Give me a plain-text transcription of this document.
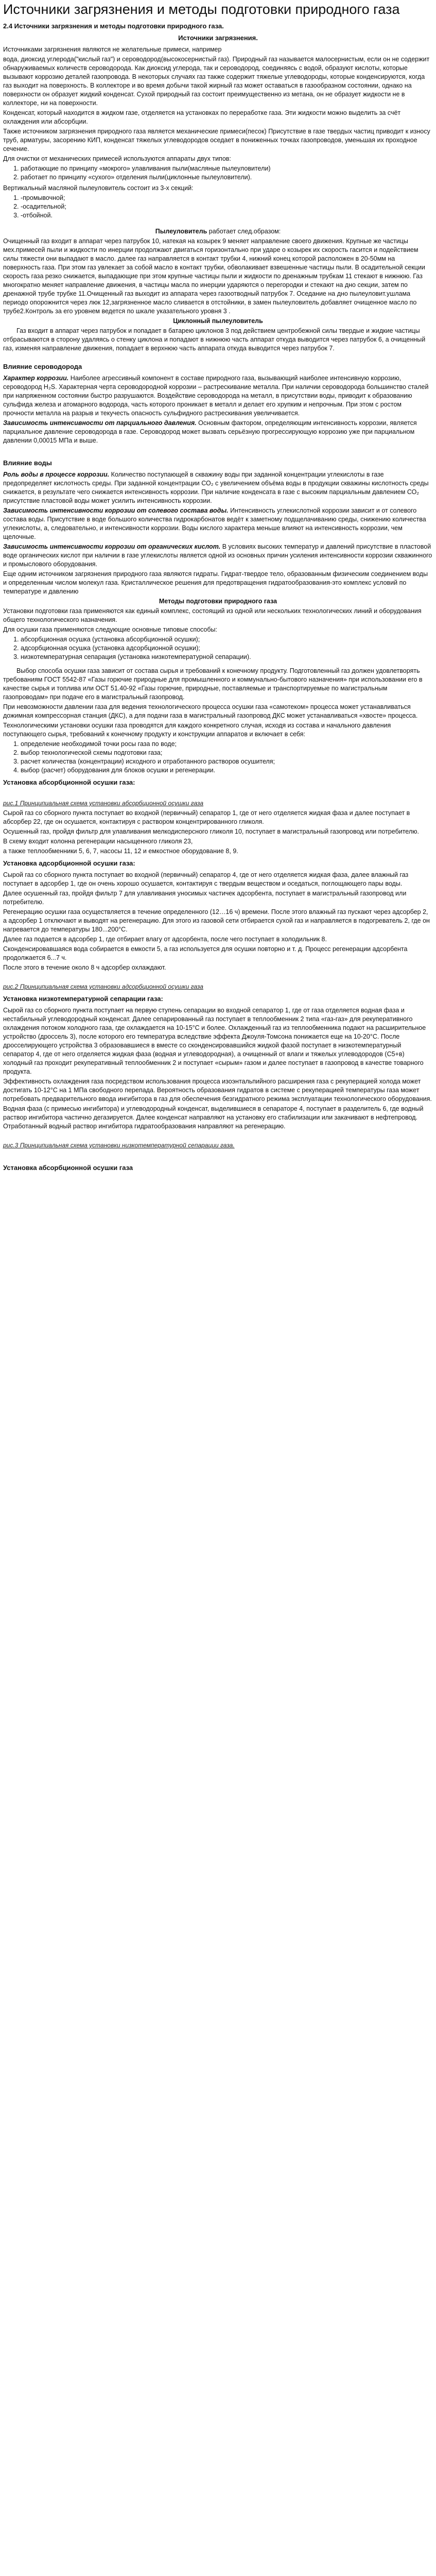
Источники загрязнения и методы подготовки природного газа
2.4 Источники загрязнения и методы подготовки природного газа.
Источники загрязнения.

Источниками загрязнения являются не желательные примеси, например

вода, диоксид углерода("кислый газ") и сероводород(высокосернистый газ). Природный газ называется малосернистым, если он не содержит обнаруживаемых количеств сероводорода. Как диоксид углерода, так и сероводород, соединяясь с водой, образуют кислоты, которые вызывают коррозию деталей газопровода. В некоторых случаях газ также содержит тяжелые углеводороды, которые конденсируются, когда газ выходит на поверхность. В коллекторе и во время добычи такой жирный газ может оставаться в газообразном состоянии, однако на поверхности он образует жидкий конденсат. Сухой природный газ состоит преимущественно из метана, он не образует жидкости не в коллекторе, ни на поверхности.

Конденсат, который находится в жидком газе, отделяется на установках по переработке газа. Эти жидкости можно выделить за счёт охлаждения или абсорбции.

Также источником загрязнения природного газа является механические примеси(песок) Присутствие в газе твердых частиц приводит к износу труб, арматуры, засорению КИП, конденсат тяжелых углеводородов оседает в пониженных точках газопроводов, уменьшая их проходное сечение.

Для очистки от механических примесей используются аппараты двух типов:

1. работающие по принципу «мокрого» улавливания пыли(масляные пылеуловители)
2. работает по принципу «сухого» отделения пыли(циклонные пылеуловители).

Вертикальный масляной пылеуловитель состоит из 3-х секций:

1. -промывочной;
2. -осадительной;
3. -отбойной.

Пылеуловитель работает след.образом:

Очищенный газ входит в аппарат через патрубок 10, натекая на козырек 9 меняет направление своего движения. Крупные же частицы мех.примесей пыли и жидкости по инерции продолжают двигаться горизонтально при ударе о козырек их скорость гасится и подействием силы тяжести они выпадают в масло. далее газ направляется в контакт трубки 4, нижний конец которой расположен в 20-50мм на поверхность газа. При этом газ увлекает за собой масло в контакт трубки, обволакивает взвешенные частицы пыли. В осадительной секции скорость газа резко снижается, выпадающие при этом крупные частицы пыли и жидкости по дренажным трубкам 11 стекают в нижнюю. Газ многократно меняет направление движения, в частицы масла по инерции ударяются о перегородки и стекают на дно секции, затем по дренажной трубе трубке 11.Очищенный газ выходит из аппарата через газоотводный патрубок 7. Оседание на дно пылеуловит.ушлама периодо опорожнится через люк 12,загрязненное масло сливается в отстойники, в замен пылеуловитель добавляет очищенное масло по трубе2.Контроль за его уровнем ведется по шкале указательного уровня 3 .

Циклонный пылеуловитель

Газ входит в аппарат через патрубок и попадает в батарею циклонов 3 под действием центробежной силы твердые и жидкие частицы отбрасываются в сторону удаляясь о стенку циклона и попадают в нижнюю часть аппарат откуда выводится через патрубок 6, а очищенный газ, изменяя направление движения, попадает в верхнюю часть аппарата откуда выводится через патрубок 7.

Влияние сероводорода

Характер коррозии. Наиболее агрессивный компонент в составе природного газа, вызывающий наиболее интенсивную коррозию, сероводород H₂S. Характерная черта сероводородной коррозии – растрескивание металла. При наличии сероводорода большинство сталей при напряженном состоянии быстро разрушаются. Воздействие сероводорода на металл, в присутствии воды, приводит к образованию сульфида железа и атомарного водорода, часть которого проникает в металл и делает его хрупким и непрочным. При этом с ростом прочности металла на разрыв и текучесть опасность сульфидного растрескивания увеличивается.

Зависимость интенсивности от парциального давления. Основным фактором, определяющим интенсивность коррозии, является парциальное давление сероводорода в газе. Сероводород может вызвать серьёзную прогрессирующую коррозию уже при парциальном давлении 0,00015 МПа и выше.

Влияние воды

Роль воды в процессе коррозии. Количество поступающей в скважину воды при заданной концентрации углекислоты в газе предопределяет кислотность среды. При заданной концентрации СО₂ с увеличением объёма воды в продукции скважины кислотность среды снижается, в результате чего снижается интенсивность коррозии. При наличие конденсата в газе с высоким парциальным давлением СО₂ присутствие пластовой воды может усилить интенсивность коррозии.

Зависимость интенсивности коррозии от солевого состава воды. Интенсивность углекислотной коррозии зависит и от солевого состава воды. Присутствие в воде большого количества гидрокарбонатов ведёт к заметному подщелачиванию среды, снижению количества углекислоты, а, следовательно, и интенсивности коррозии. Воды кислого характера меньше влияют на интенсивность коррозии, чем щелочные.

Зависимость интенсивности коррозии от органических кислот. В условиях высоких температур и давлений присутствие в пластовой воде органических кислот при наличии в газе углекислоты является одной из основных причин усиления интенсивности коррозии скважинного и промыслового оборудования.

Еще одним источником загрязнения природного газа являются гидраты. Гидрат-твердое тело, образованным физическим соединением воды и определенным числом молекул газа. Кристаллическое решения для предотвращения гидратообразования-это комплекс условий по температуре и давлению

Методы подготовки природного газа

Установки подготовки газа применяются как единый комплекс, состоящий из одной или нескольких технологических линий и оборудования общего технологического назначения.

Для осушки газа применяются следующие основные типовые способы:

1. абсорбционная осушка (установка абсорбционной осушки);
2. адсорбционная осушка (установка адсорбционной осушки);
3. низкотемпературная сепарация (установка низкотемпературной сепарации).

Выбор способа осушки газа зависит от состава сырья и требований к конечному продукту. Подготовленный газ должен удовлетворять требованиям ГОСТ 5542-87 «Газы горючие природные для промышленного и коммунально-бытового назначения» при использовании его в качестве сырья и топлива или ОСТ 51.40-92 «Газы горючие, природные, поставляемые и транспортируемые по магистральным газопроводам» при подаче его в магистральный газопровод.

При невозможности давлении газа для ведения технологического процесса осушки газа «самотеком» процесса может устанавливаться дожимная компрессорная станция (ДКС), а для подачи газа в магистральный газопровод ДКС может устанавливаться «хвосте» процесса.

Технологическими установки осушки газа проводятся для каждого конкретного случая, исходя из состава и начального давления поступающего сырья, требований к конечному продукту и конструкции аппаратов и включает в себя:

1. определение необходимой точки росы газа по воде;
2. выбор технологической схемы подготовки газа;
3. расчет количества (концентрации) исходного и отработанного растворов осушителя;
4. выбор (расчет) оборудования для блоков осушки и регенерации.
Установка абсорбционной осушки газа:

рис.1 Принципиальная схема установки абсорбционной осушки газа

Сырой газ со сборного пункта поступает во входной (первичный) сепаратор 1, где от него отделяется жидкая фаза и далее поступает в абсорбер 22, где он осушается, контактируя с раствором концентрированного гликоля.

Осушенный газ, пройдя фильтр для улавливания мелкодисперсного гликоля 10, поступает в магистральный газопровод или потребителю.

В схему входит колонна регенерации насыщенного гликоля 23,

а также теплообменники 5, 6, 7, насосы 11, 12 и емкостное оборудование 8, 9.

Установка адсорбционной осушки газа:

Сырой газ со сборного пункта поступает во входной (первичный) сепаратор 4, где от него отделяется жидкая фаза, далее влажный газ поступает в адсорбер 1, где он очень хорошо осушается, контактируя с твердым веществом и оседаться, поглощающего пары воды.

Далее осушенный газ, пройдя фильтр 7 для улавливания уносимых частичек адсорбента, поступает в магистральный газопровод или потребителю.

Регенерацию осушки газа осуществляется в течение определенного (12…16 ч) времени. После этого влажный газ пускают через адсорбер 2, а адсорбер 1 отключают и выводят на регенерацию. Для этого из газовой сети отбирается сухой газ и направляется в подогреватель 2, где он нагревается до температуры 180...200°С.

Далее газ подается в адсорбер 1, где отбирает влагу от адсорбента, после чего поступает в холодильник 8.

Сконденсировавшаяся вода собирается в емкости 5, а газ используется для осушки повторно и т. д. Процесс регенерации адсорбента продолжается 6...7 ч.

После этого в течение около 8 ч адсорбер охлаждают.

рис.2 Принципиальная схема установки адсорбционной осушки газа

Установка низкотемпературной сепарации газа:

Сырой газ со сборного пункта поступает на первую ступень сепарации во входной сепаратор 1, где от газа отделяется водная фаза и нестабильный углеводородный конденсат. Далее сепарированный газ поступает в теплообменник 2 типа «газ-газ» для рекуперативного охлаждения потоком холодного газа, где охлаждается на 10-15°С и более. Охлажденный газ из теплообменника подают на расширительное устройство (дроссель 3), после которого его температура вследствие эффекта Джоуля-Томсона понижается еще на 10-20°С. После дросселирующего устройства 3 образовавшиеся в вместе со сконденсировавшийся жидкой фазой поступает в низкотемпературный сепаратор 4, где от него отделяется жидкая фаза (водная и углеводородная), а очищенный от влаги и тяжелых углеводородов (С5+в) холодный газ проходит рекуперативный теплообменник 2 и поступает «сырым» газом и далее поступает в газопровод в качестве товарного продукта.

Эффективность охлаждения газа посредством использования процесса изоэнтальпийного расширения газа с рекуперацией холода может достигать 10-12°С на 1 МПа свободного перепада. Вероятность образования гидратов в системе с рекуперацией температуры газа может потребовать предварительного ввода ингибитора в газ для обеспечения безгидратного режима эксплуатации технологического оборудования.

Водная фаза (с примесью ингибитора) и углеводородный конденсат, выделившиеся в сепараторе 4, поступает в разделитель 6, где водный раствор ингибитора частично дегазируется. Далее конденсат направляют на установку его стабилизации или закачивают в нефтепровод. Отработанный водный раствор ингибитора гидратообразования направляют на регенерацию.

рис.3 Принципиальная схема установки низкотемпературной сепарации газа.

Установка абсорбционной осушки газа
